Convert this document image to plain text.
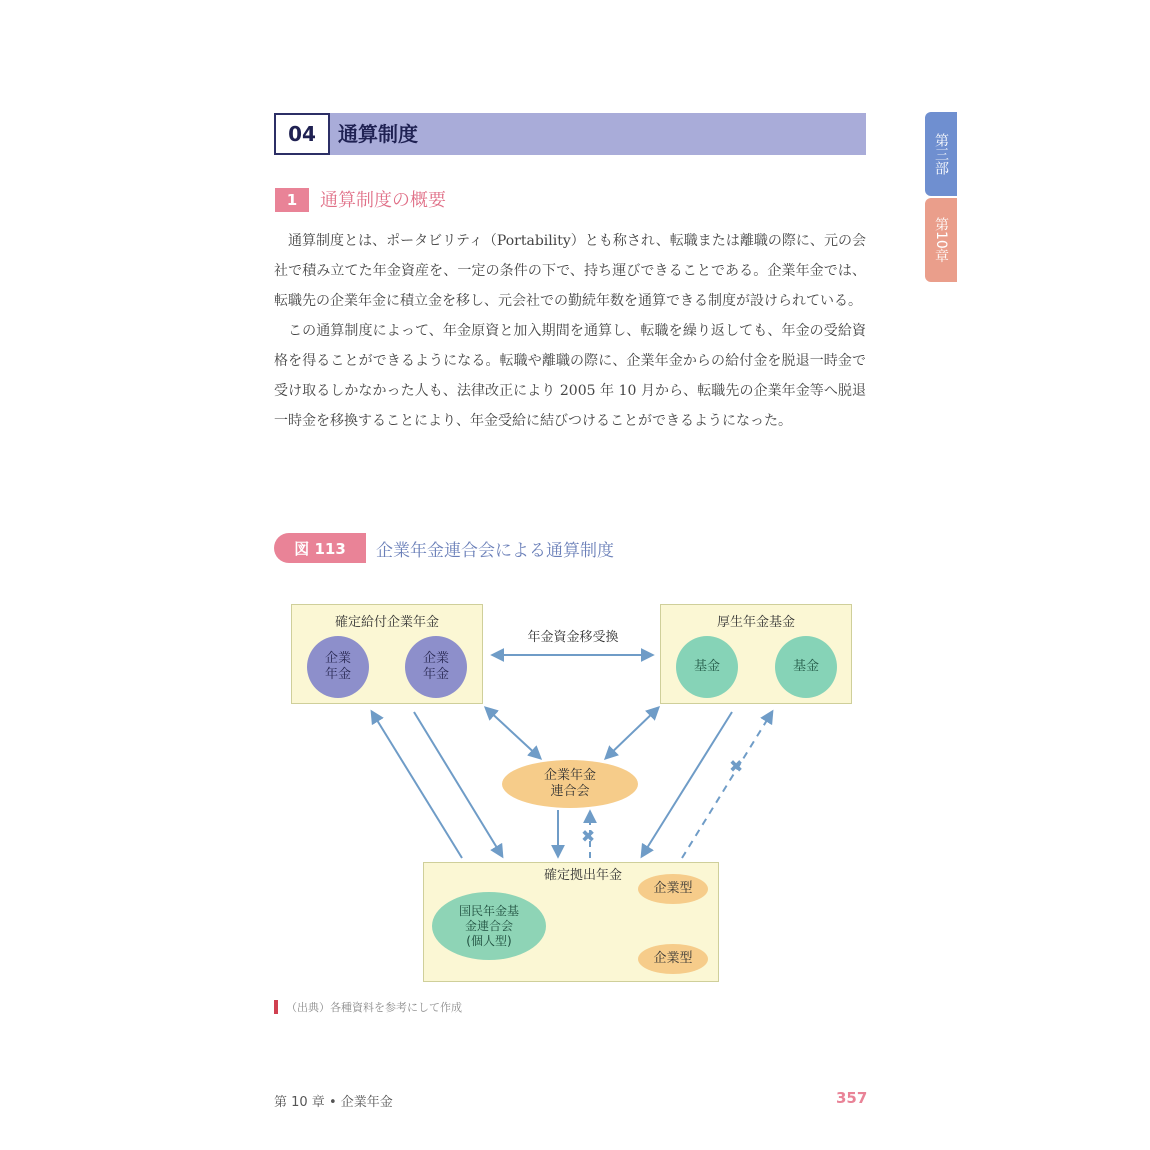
04	通算制度	第三部
第10章
1	通算制度の概要

通算制度とは、ポータビリティ（Portability）とも称され、転職または離職の際に、元の会社で積み立てた年金資産を、一定の条件の下で、持ち運びできることである。企業年金では、転職先の企業年金に積立金を移し、元会社での勤続年数を通算できる制度が設けられている。

この通算制度によって、年金原資と加入期間を通算し、転職を繰り返しても、年金の受給資格を得ることができるようになる。転職や離職の際に、企業年金からの給付金を脱退一時金で受け取るしかなかった人も、法律改正により 2005 年 10 月から、転職先の企業年金等へ脱退一時金を移換することにより、年金受給に結びつけることができるようになった。

図 113	企業年金連合会による通算制度
✖
✖
年金資金移受換
確定給付企業年金
企業
年金
企業
年金
厚生年金基金
基金	基金
企業年金
連合会
確定拠出年金
国民年金基
金連合会
(個人型)
企業型
企業型
（出典）各種資料を参考にして作成
第 10 章 • 企業年金	357
